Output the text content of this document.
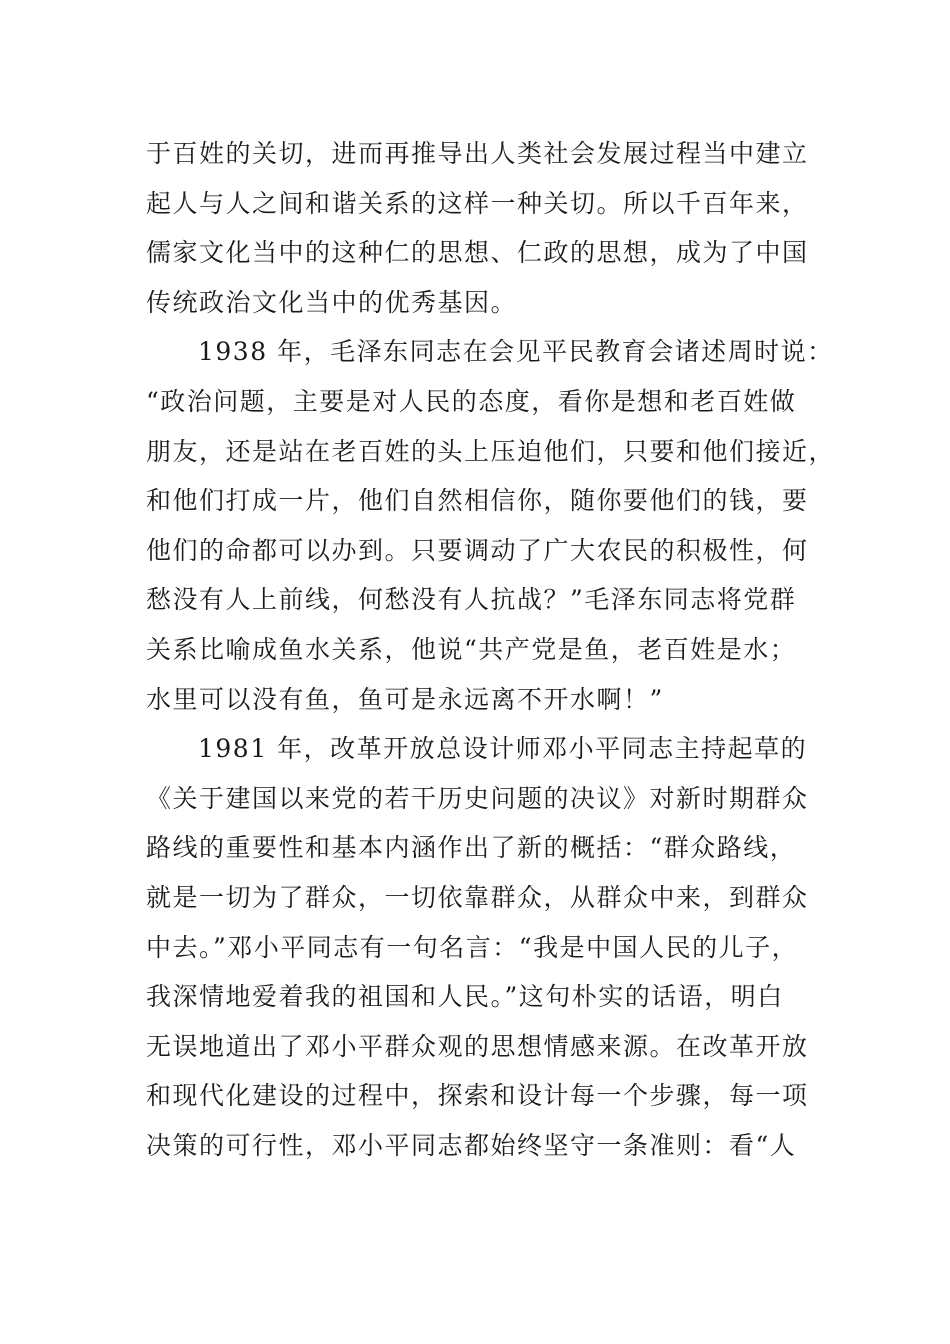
于百姓的关切，进而再推导出人类社会发展过程当中建立
起人与人之间和谐关系的这样一种关切。所以千百年来，
儒家文化当中的这种仁的思想、仁政的思想，成为了中国
传统政治文化当中的优秀基因。
1938 年，毛泽东同志在会见平民教育会诸述周时说：
“政治问题，主要是对人民的态度，看你是想和老百姓做
朋友，还是站在老百姓的头上压迫他们，只要和他们接近，
和他们打成一片，他们自然相信你，随你要他们的钱，要
他们的命都可以办到。只要调动了广大农民的积极性，何
愁没有人上前线，何愁没有人抗战？”毛泽东同志将党群
关系比喻成鱼水关系，他说“共产党是鱼，老百姓是水；
水里可以没有鱼，鱼可是永远离不开水啊！”
1981 年，改革开放总设计师邓小平同志主持起草的
《关于建国以来党的若干历史问题的决议》对新时期群众
路线的重要性和基本内涵作出了新的概括：“群众路线，
就是一切为了群众，一切依靠群众，从群众中来，到群众
中去。”邓小平同志有一句名言：“我是中国人民的儿子，
我深情地爱着我的祖国和人民。”这句朴实的话语，明白
无误地道出了邓小平群众观的思想情感来源。在改革开放
和现代化建设的过程中，探索和设计每一个步骤，每一项
决策的可行性，邓小平同志都始终坚守一条准则：看“人
